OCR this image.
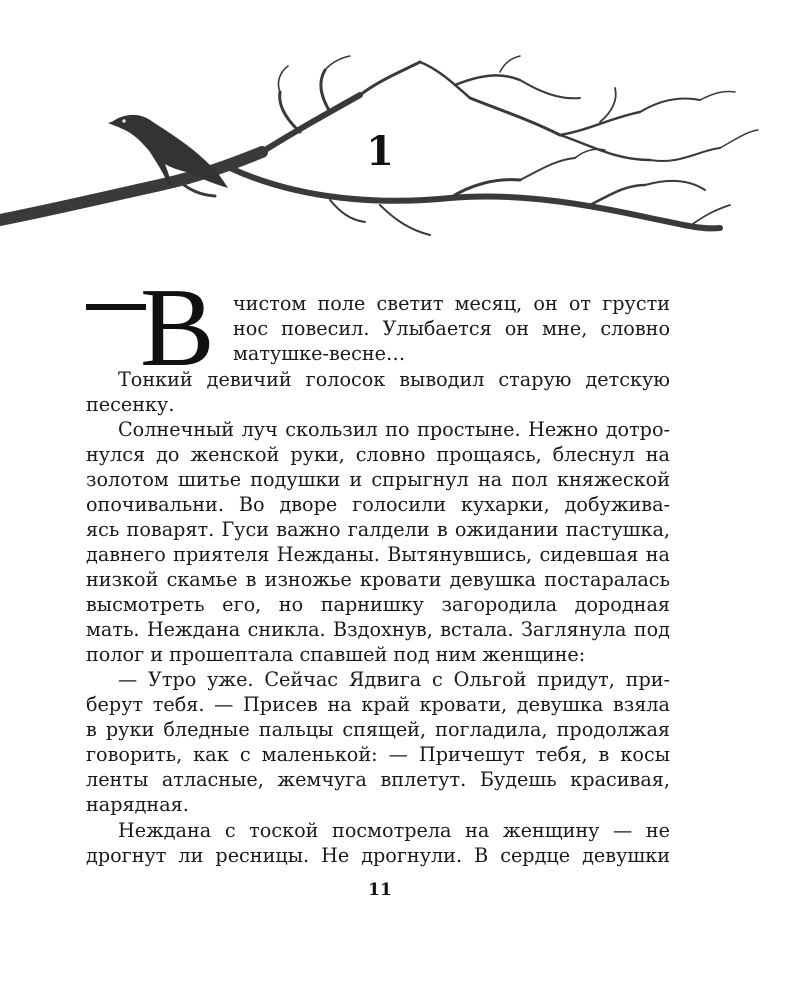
1
В чистом поле светит месяц, он от грусти
нос повесил. Улыбается он мне, словно
матушке-весне…
Тонкий девичий голосок выводил старую детскую
песенку.
Солнечный луч скользил по простыне. Нежно дотро-
нулся до женской руки, словно прощаясь, блеснул на
золотом шитье подушки и спрыгнул на пол княжеской
опочивальни. Во дворе голосили кухарки, добужива-
ясь поварят. Гуси важно галдели в ожидании пастушка,
давнего приятеля Нежданы. Вытянувшись, сидевшая на
низкой скамье в изножье кровати девушка постаралась
высмотреть его, но парнишку загородила дородная
мать. Неждана сникла. Вздохнув, встала. Заглянула под
полог и прошептала спавшей под ним женщине:
— Утро уже. Сейчас Ядвига с Ольгой придут, при-
берут тебя. — Присев на край кровати, девушка взяла
в руки бледные пальцы спящей, погладила, продолжая
говорить, как с маленькой: — Причешут тебя, в косы
ленты атласные, жемчуга вплетут. Будешь красивая,
нарядная.
Неждана с тоской посмотрела на женщину — не
дрогнут ли ресницы. Не дрогнули. В сердце девушки
11
